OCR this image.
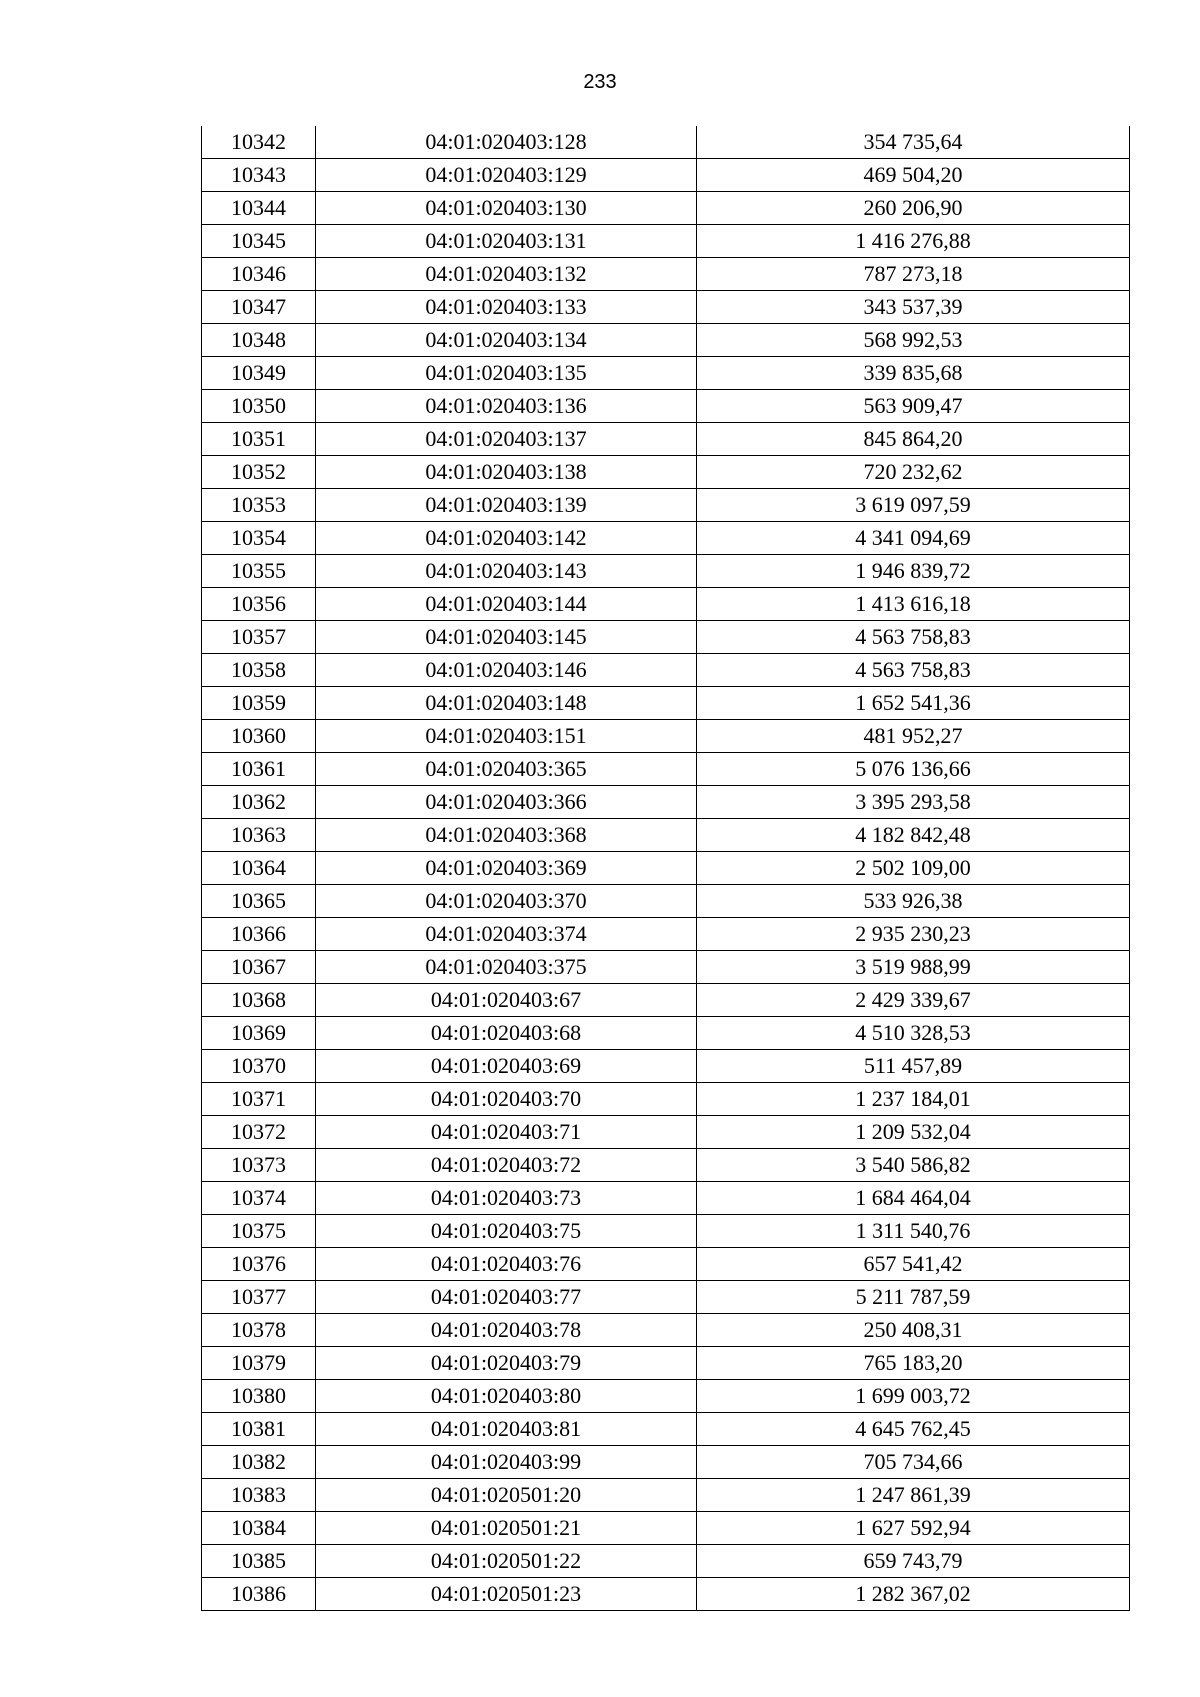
233
10342	04:01:020403:128	354 735,64
10343	04:01:020403:129	469 504,20
10344	04:01:020403:130	260 206,90
10345	04:01:020403:131	1 416 276,88
10346	04:01:020403:132	787 273,18
10347	04:01:020403:133	343 537,39
10348	04:01:020403:134	568 992,53
10349	04:01:020403:135	339 835,68
10350	04:01:020403:136	563 909,47
10351	04:01:020403:137	845 864,20
10352	04:01:020403:138	720 232,62
10353	04:01:020403:139	3 619 097,59
10354	04:01:020403:142	4 341 094,69
10355	04:01:020403:143	1 946 839,72
10356	04:01:020403:144	1 413 616,18
10357	04:01:020403:145	4 563 758,83
10358	04:01:020403:146	4 563 758,83
10359	04:01:020403:148	1 652 541,36
10360	04:01:020403:151	481 952,27
10361	04:01:020403:365	5 076 136,66
10362	04:01:020403:366	3 395 293,58
10363	04:01:020403:368	4 182 842,48
10364	04:01:020403:369	2 502 109,00
10365	04:01:020403:370	533 926,38
10366	04:01:020403:374	2 935 230,23
10367	04:01:020403:375	3 519 988,99
10368	04:01:020403:67	2 429 339,67
10369	04:01:020403:68	4 510 328,53
10370	04:01:020403:69	511 457,89
10371	04:01:020403:70	1 237 184,01
10372	04:01:020403:71	1 209 532,04
10373	04:01:020403:72	3 540 586,82
10374	04:01:020403:73	1 684 464,04
10375	04:01:020403:75	1 311 540,76
10376	04:01:020403:76	657 541,42
10377	04:01:020403:77	5 211 787,59
10378	04:01:020403:78	250 408,31
10379	04:01:020403:79	765 183,20
10380	04:01:020403:80	1 699 003,72
10381	04:01:020403:81	4 645 762,45
10382	04:01:020403:99	705 734,66
10383	04:01:020501:20	1 247 861,39
10384	04:01:020501:21	1 627 592,94
10385	04:01:020501:22	659 743,79
10386	04:01:020501:23	1 282 367,02
